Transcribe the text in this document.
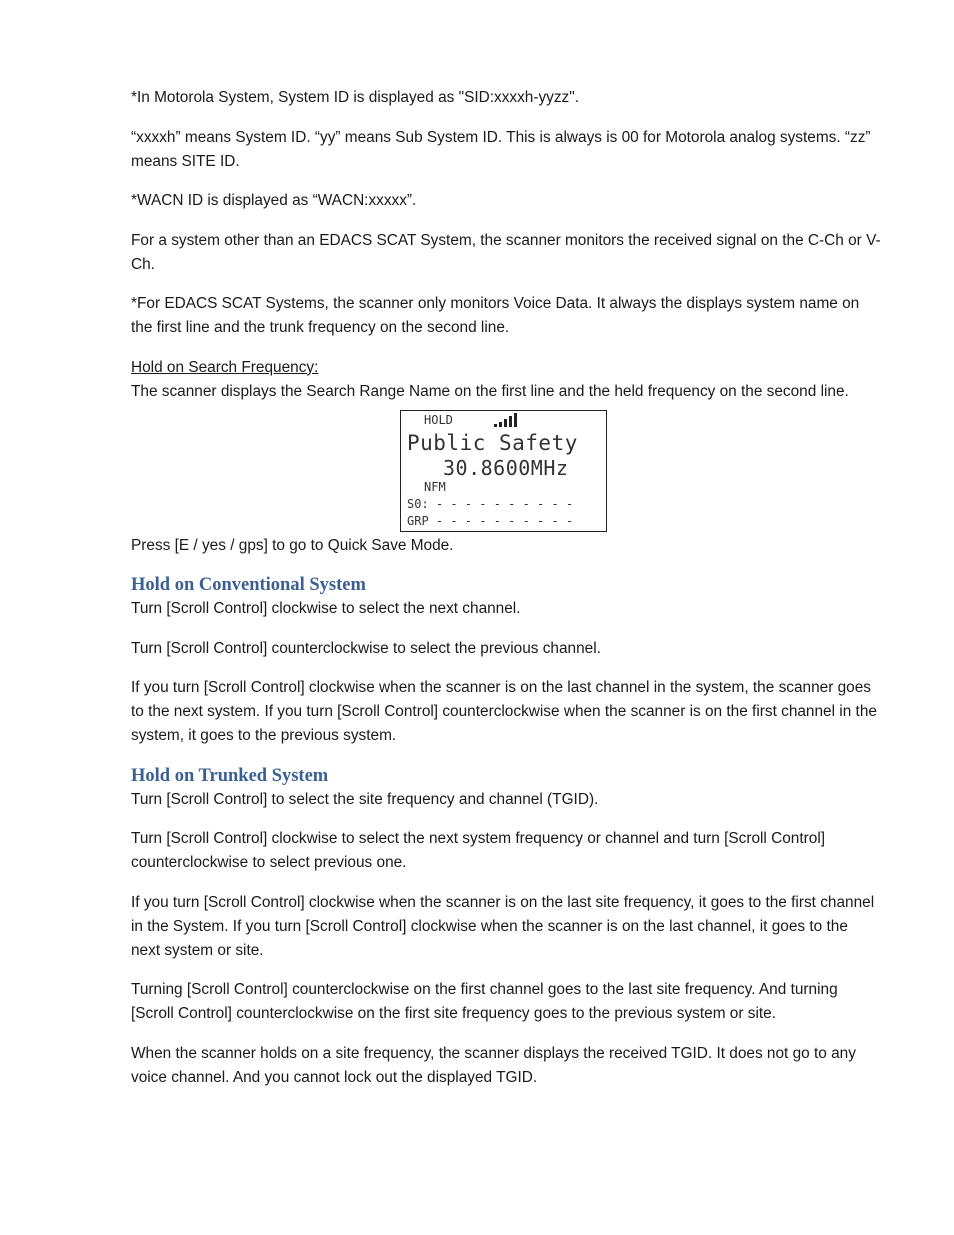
*In Motorola System, System ID is displayed as "SID:xxxxh-yyzz".

“xxxxh” means System ID. “yy” means Sub System ID. This is always is 00 for Motorola analog systems. “zz” means SITE ID.

*WACN ID is displayed as “WACN:xxxxx”.

For a system other than an EDACS SCAT System, the scanner monitors the received signal on the C-Ch or V-Ch.

*For EDACS SCAT Systems, the scanner only monitors Voice Data. It always the displays system name on the first line and the trunk frequency on the second line.

Hold on Search Frequency:
The scanner displays the Search Range Name on the first line and the held frequency on the second line.
HOLD
Public Safety
30.8600MHz
NFM
S0: - - - - - - - - - -
GRP - - - - - - - - - -

Press [E / yes / gps] to go to Quick Save Mode.

Hold on Conventional System

Turn [Scroll Control] clockwise to select the next channel.

Turn [Scroll Control] counterclockwise to select the previous channel.

If you turn [Scroll Control] clockwise when the scanner is on the last channel in the system, the scanner goes to the next system. If you turn [Scroll Control] counterclockwise when the scanner is on the first channel in the system, it goes to the previous system.

Hold on Trunked System

Turn [Scroll Control] to select the site frequency and channel (TGID).

Turn [Scroll Control] clockwise to select the next system frequency or channel and turn [Scroll Control] counterclockwise to select previous one.

If you turn [Scroll Control] clockwise when the scanner is on the last site frequency, it goes to the first channel in the System. If you turn [Scroll Control] clockwise when the scanner is on the last channel, it goes to the next system or site.

Turning [Scroll Control] counterclockwise on the first channel goes to the last site frequency. And turning [Scroll Control] counterclockwise on the first site frequency goes to the previous system or site.

When the scanner holds on a site frequency, the scanner displays the received TGID. It does not go to any voice channel. And you cannot lock out the displayed TGID.
